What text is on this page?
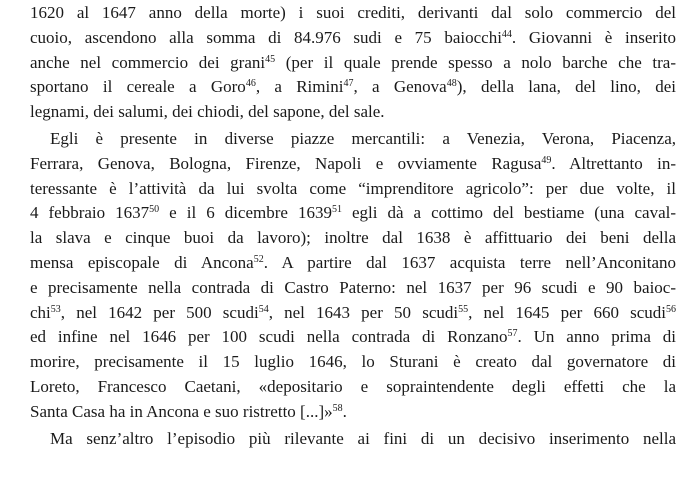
1620 al 1647 anno della morte) i suoi crediti, derivanti dal solo commercio del
cuoio, ascendono alla somma di 84.976 sudi e 75 baiocchi$^{44}$. Giovanni è inserito
anche nel commercio dei grani$^{45}$ (per il quale prende spesso a nolo barche che tra-
sportano il cereale a Goro$^{46}$, a Rimini$^{47}$, a Genova$^{48}$), della lana, del lino, dei
legnami, dei salumi, dei chiodi, del sapone, del sale.
Egli è presente in diverse piazze mercantili: a Venezia, Verona, Piacenza,
Ferrara, Genova, Bologna, Firenze, Napoli e ovviamente Ragusa$^{49}$. Altrettanto in-
teressante è l’attività da lui svolta come “imprenditore agricolo”: per due volte, il
4 febbraio 1637$^{50}$ e il 6 dicembre 1639$^{51}$ egli dà a cottimo del bestiame (una caval-
la slava e cinque buoi da lavoro); inoltre dal 1638 è affittuario dei beni della
mensa episcopale di Ancona$^{52}$. A partire dal 1637 acquista terre nell’Anconitano
e precisamente nella contrada di Castro Paterno: nel 1637 per 96 scudi e 90 baioc-
chi$^{53}$, nel 1642 per 500 scudi$^{54}$, nel 1643 per 50 scudi$^{55}$, nel 1645 per 660 scudi$^{56}$
ed infine nel 1646 per 100 scudi nella contrada di Ronzano$^{57}$. Un anno prima di
morire, precisamente il 15 luglio 1646, lo Sturani è creato dal governatore di
Loreto, Francesco Caetani, «depositario e sopraintendente degli effetti che la
Santa Casa ha in Ancona e suo ristretto [...]»$^{58}$.
Ma senz’altro l’episodio più rilevante ai fini di un decisivo inserimento nella
